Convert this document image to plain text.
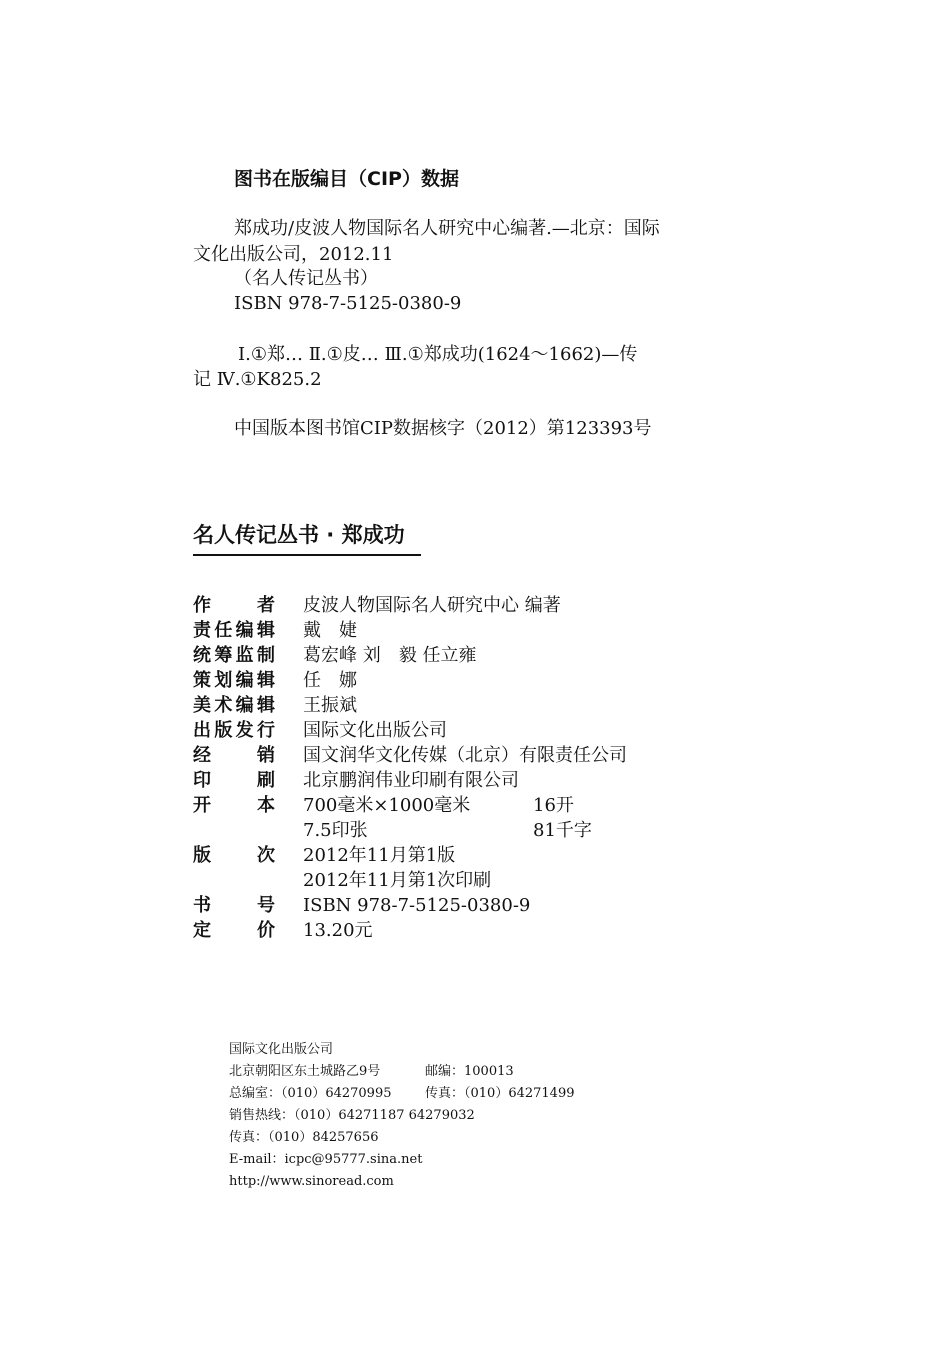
图书在版编目（CIP）数据
郑成功/皮波人物国际名人研究中心编著.—北京：国际
文化出版公司，2012.11
（名人传记丛书）
ISBN 978-7-5125-0380-9
Ⅰ.①郑… Ⅱ.①皮… Ⅲ.①郑成功(1624～1662)—传
记 Ⅳ.①K825.2
中国版本图书馆CIP数据核字（2012）第123393号
名人传记丛书 · 郑成功
作	者 皮波人物国际名人研究中心 编著
责 任 编 辑 戴　婕
统 筹 监 制 葛宏峰 刘　毅 任立雍
策 划 编 辑 任　娜
美 术 编 辑 王振斌
出 版 发 行 国际文化出版公司
经	销 国文润华文化传媒（北京）有限责任公司
印	刷 北京鹏润伟业印刷有限公司
开	本 700毫米×1000毫米	16开
7.5印张	81千字
版	次 2012年11月第1版
2012年11月第1次印刷
书	号 ISBN 978-7-5125-0380-9
定	价 13.20元
国际文化出版公司
北京朝阳区东土城路乙9号	邮编：100013
总编室：（010）64270995	传真：（010）64271499
销售热线：（010）64271187 64279032
传真：（010）84257656
E-mail：icpc@95777.sina.net
http://www.sinoread.com
